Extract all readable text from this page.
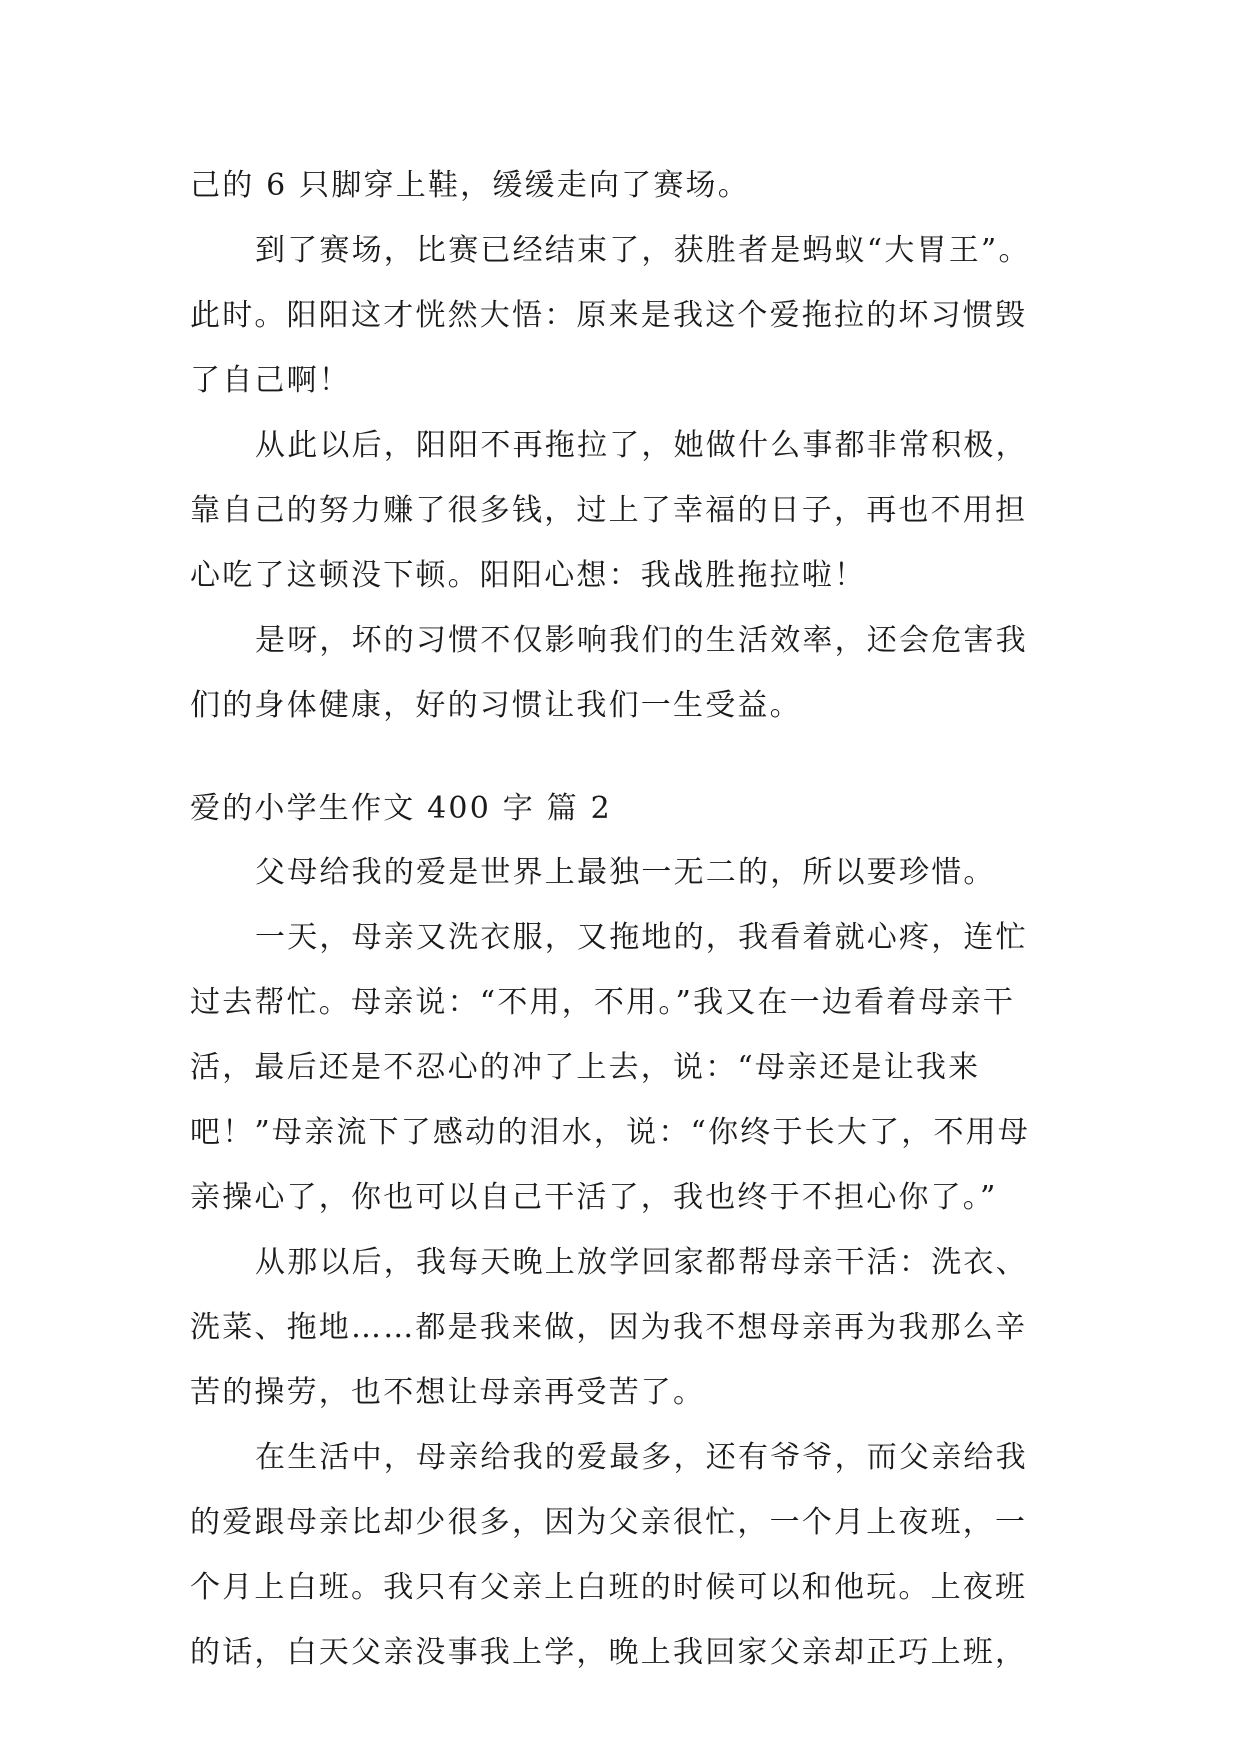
己的 6 只脚穿上鞋，缓缓走向了赛场。
到了赛场，比赛已经结束了，获胜者是蚂蚁“大胃王”。
此时。阳阳这才恍然大悟：原来是我这个爱拖拉的坏习惯毁
了自己啊！
从此以后，阳阳不再拖拉了，她做什么事都非常积极，
靠自己的努力赚了很多钱，过上了幸福的日子，再也不用担
心吃了这顿没下顿。阳阳心想：我战胜拖拉啦！
是呀，坏的习惯不仅影响我们的生活效率，还会危害我
们的身体健康，好的习惯让我们一生受益。
爱的小学生作文 400 字 篇 2
父母给我的爱是世界上最独一无二的，所以要珍惜。
一天，母亲又洗衣服，又拖地的，我看着就心疼，连忙
过去帮忙。母亲说：“不用，不用。”我又在一边看着母亲干
活，最后还是不忍心的冲了上去，说：“母亲还是让我来
吧！”母亲流下了感动的泪水，说：“你终于长大了，不用母
亲操心了，你也可以自己干活了，我也终于不担心你了。”
从那以后，我每天晚上放学回家都帮母亲干活：洗衣、
洗菜、拖地……都是我来做，因为我不想母亲再为我那么辛
苦的操劳，也不想让母亲再受苦了。
在生活中，母亲给我的爱最多，还有爷爷，而父亲给我
的爱跟母亲比却少很多，因为父亲很忙，一个月上夜班，一
个月上白班。我只有父亲上白班的时候可以和他玩。上夜班
的话，白天父亲没事我上学，晚上我回家父亲却正巧上班，
